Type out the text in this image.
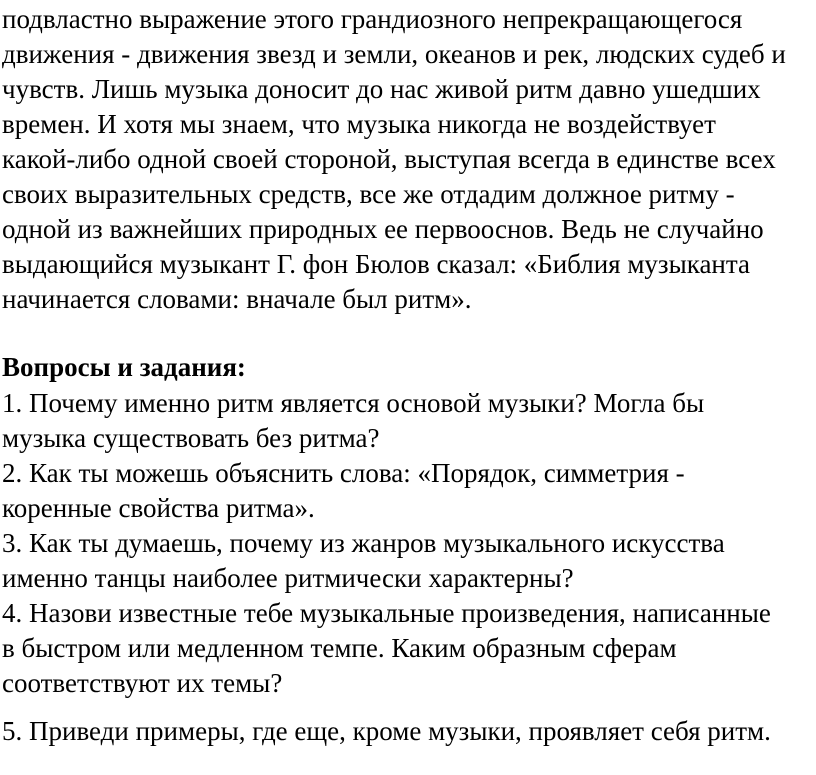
подвластно выражение этого грандиозного непрекращающегося
движения - движения звезд и земли, океанов и рек, людских судеб и
чувств. Лишь музыка доносит до нас живой ритм давно ушедших
времен. И хотя мы знаем, что музыка никогда не воздействует
какой-либо одной своей стороной, выступая всегда в единстве всех
своих выразительных средств, все же отдадим должное ритму -
одной из важнейших природных ее первооснов. Ведь не случайно
выдающийся музыкант Г. фон Бюлов сказал: «Библия музыканта
начинается словами: вначале был ритм».
Вопросы и задания:
1. Почему именно ритм является основой музыки? Могла бы
музыка существовать без ритма?
2. Как ты можешь объяснить слова: «Порядок, симметрия -
коренные свойства ритма».
3. Как ты думаешь, почему из жанров музыкального искусства
именно танцы наиболее ритмически характерны?
4. Назови известные тебе музыкальные произведения, написанные
в быстром или медленном темпе. Каким образным сферам
соответствуют их темы?
5. Приведи примеры, где еще, кроме музыки, проявляет себя ритм.
